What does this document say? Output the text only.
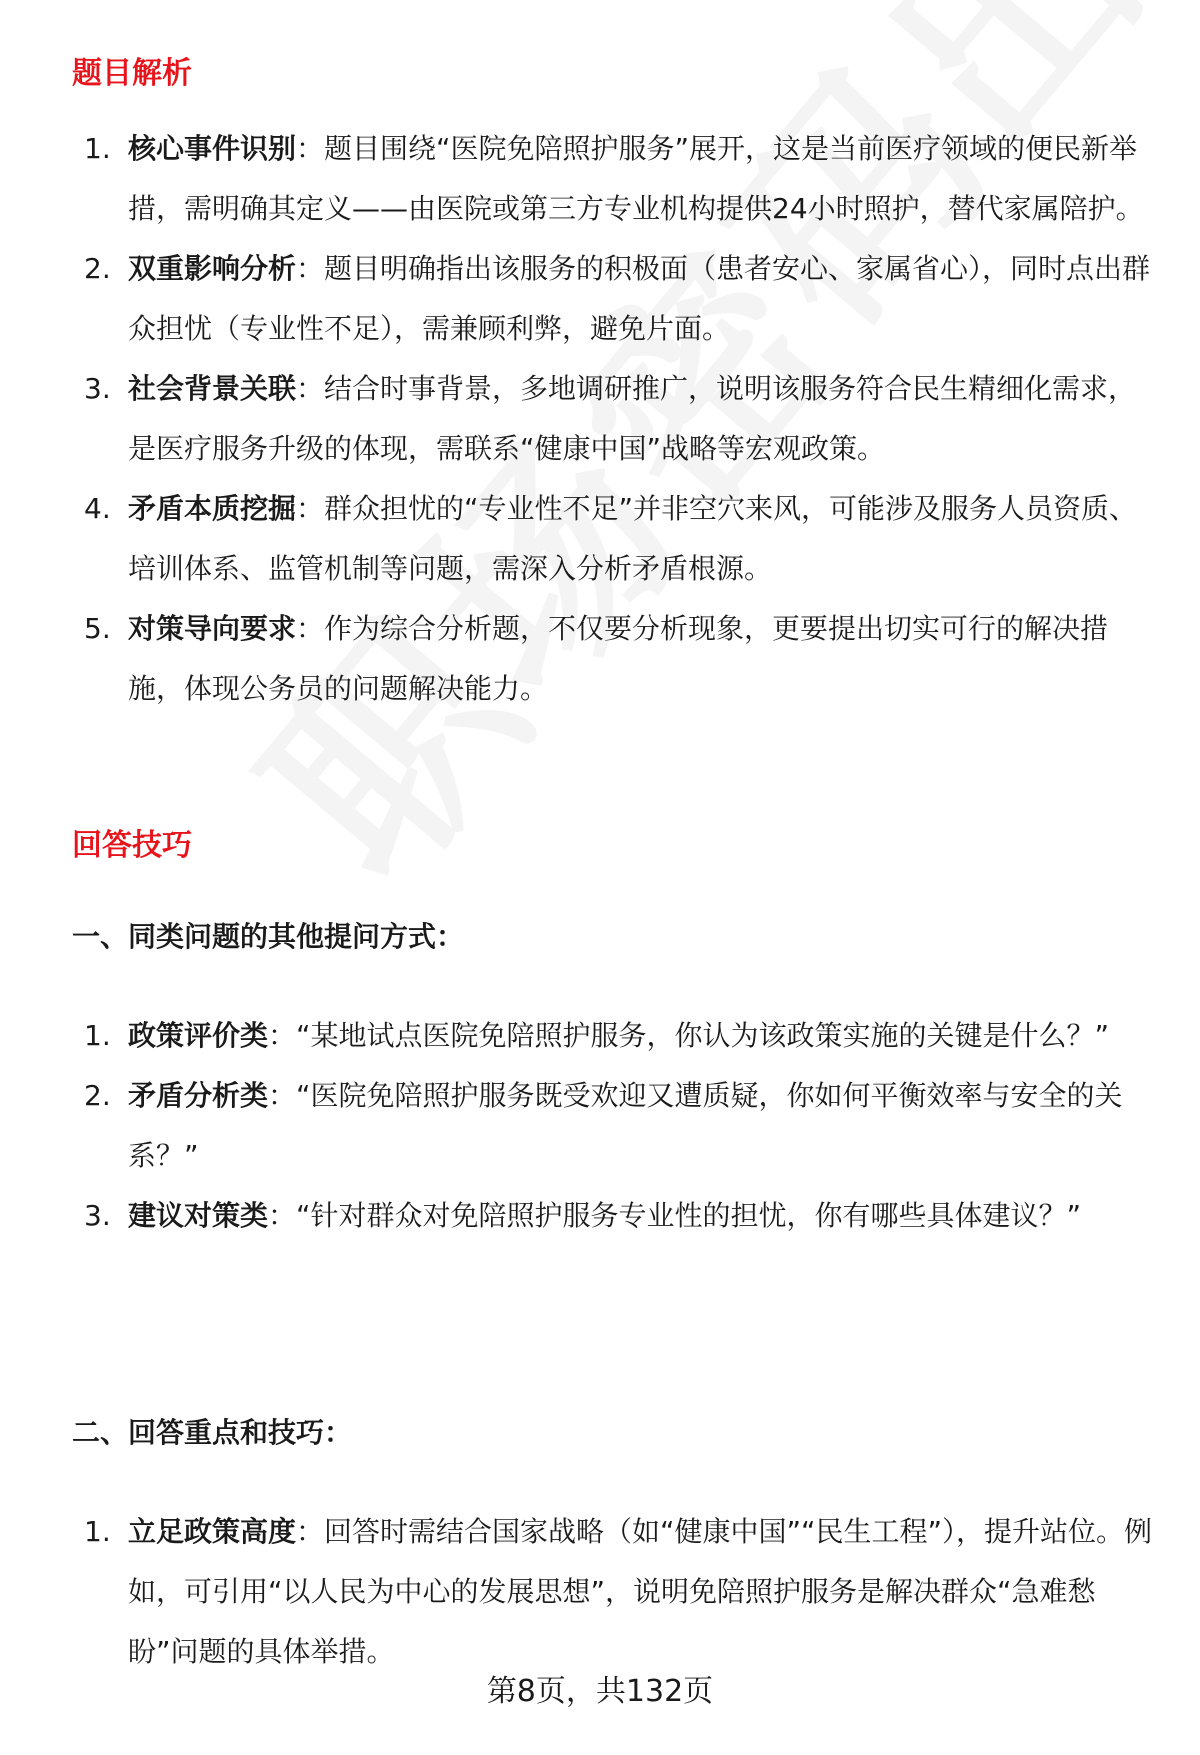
题目解析
1. 核心事件识别：题目围绕“医院免陪照护服务”展开，这是当前医疗领域的便民新举措，需明确其定义——由医院或第三方专业机构提供24小时照护，替代家属陪护。
2. 双重影响分析：题目明确指出该服务的积极面（患者安心、家属省心），同时点出群众担忧（专业性不足），需兼顾利弊，避免片面。
3. 社会背景关联：结合时事背景，多地调研推广，说明该服务符合民生精细化需求，是医疗服务升级的体现，需联系“健康中国”战略等宏观政策。
4. 矛盾本质挖掘：群众担忧的“专业性不足”并非空穴来风，可能涉及服务人员资质、培训体系、监管机制等问题，需深入分析矛盾根源。
5. 对策导向要求：作为综合分析题，不仅要分析现象，更要提出切实可行的解决措施，体现公务员的问题解决能力。
回答技巧
一、同类问题的其他提问方式：
1. 政策评价类：“某地试点医院免陪照护服务，你认为该政策实施的关键是什么？”
2. 矛盾分析类：“医院免陪照护服务既受欢迎又遭质疑，你如何平衡效率与安全的关系？”
3. 建议对策类：“针对群众对免陪照护服务专业性的担忧，你有哪些具体建议？”
二、回答重点和技巧：
1. 立足政策高度：回答时需结合国家战略（如“健康中国”“民生工程”），提升站位。例如，可引用“以人民为中心的发展思想”，说明免陪照护服务是解决群众“急难愁盼”问题的具体举措。
第8页，共132页
